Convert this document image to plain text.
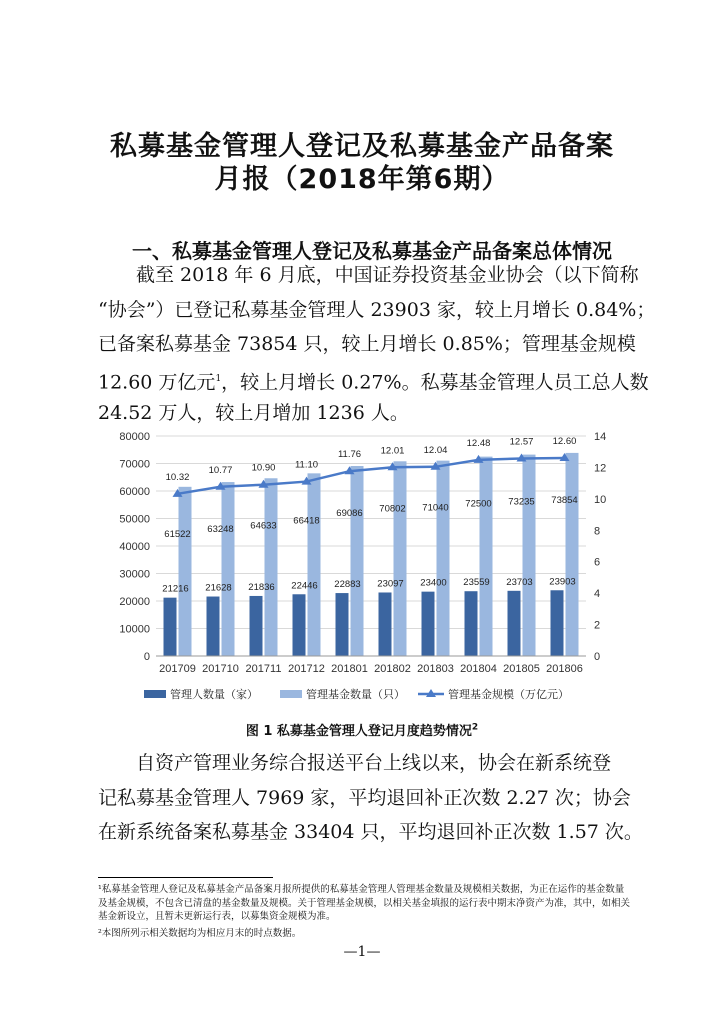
私募基金管理人登记及私募基金产品备案
月报（2018年第6期）
一、私募基金管理人登记及私募基金产品备案总体情况
截至 2018 年 6 月底，中国证券投资基金业协会（以下简称
“协会”）已登记私募基金管理人 23903 家，较上月增长 0.84%；
已备案私募基金 73854 只，较上月增长 0.85%；管理基金规模
12.60 万亿元$^1$，较上月增长 0.27%。私募基金管理人员工总人数
24.52 万人，较上月增加 1236 人。
21216
61522
10.32
21628
63248
10.77
21836
64633
10.90
22446
66418
11.10
22883
69086
11.76
23097
70802
12.01
23400
71040
12.04
23559
72500
12.48
23703
73235
12.57
23903
73854
12.60
0
10000
20000
30000
40000
50000
60000
70000
80000
0
2
4
6
8
10
12
14
201709 201710 201711 201712 201801 201802 201803 201804 201805 201806
管理人数量（家）	管理基金数量（只）	管理基金规模（万亿元）
图 1 私募基金管理人登记月度趋势情况$^2$
自资产管理业务综合报送平台上线以来，协会在新系统登
记私募基金管理人 7969 家，平均退回补正次数 2.27 次；协会
在新系统备案私募基金 33404 只，平均退回补正次数 1.57 次。
¹私募基金管理人登记及私募基金产品备案月报所提供的私募基金管理人管理基金数量及规模相关数据，为正在运作的基金数量及基金规模，不包含已清盘的基金数量及规模。关于管理基金规模，以相关基金填报的运行表中期末净资产为准，其中，如相关基金新设立，且暂未更新运行表，以募集资金规模为准。
²本图所列示相关数据均为相应月末的时点数据。
—1—
